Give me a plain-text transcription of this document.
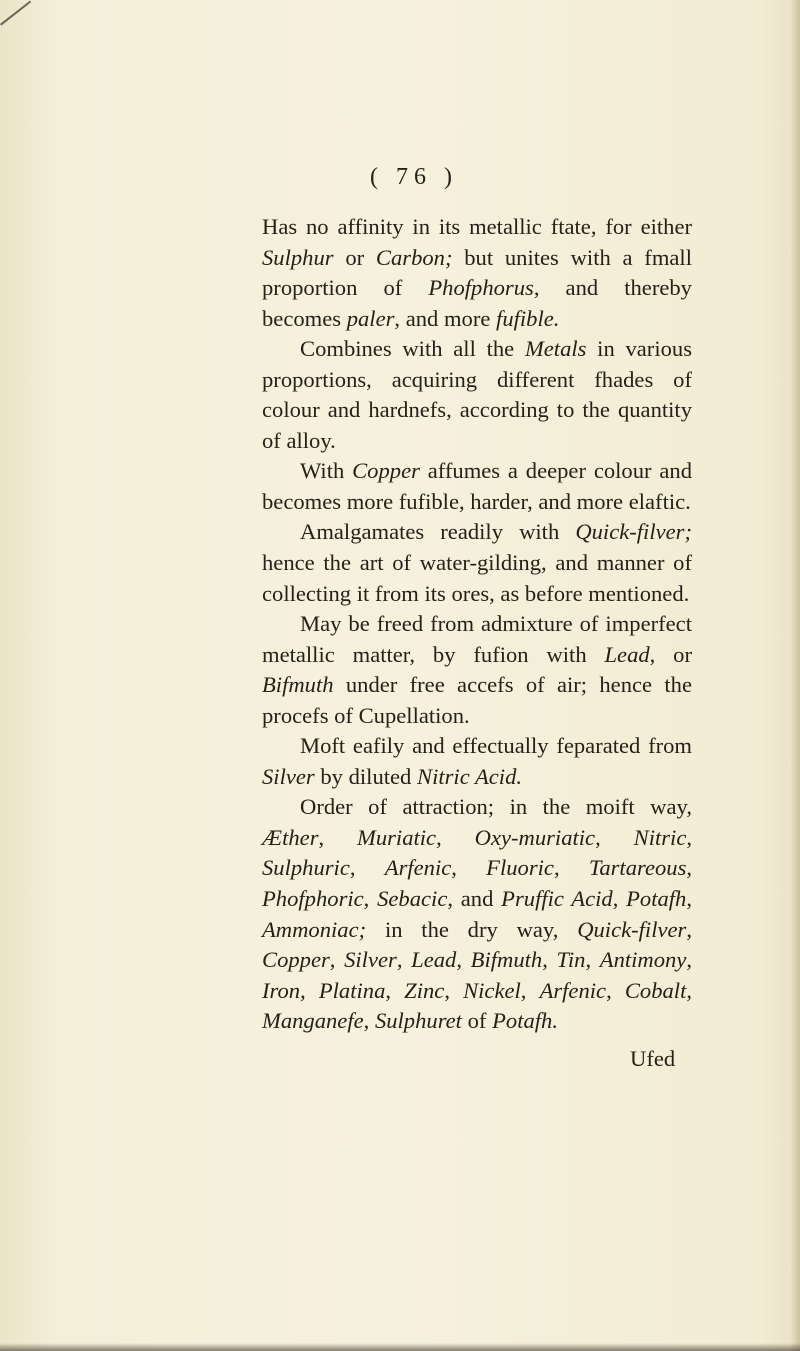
( 76 )

Has no affinity in its metallic ftate, for either Sulphur or Carbon; but unites with a fmall proportion of Phofphorus, and thereby becomes paler, and more fufible.

Combines with all the Metals in various proportions, acquiring different fhades of colour and hardnefs, according to the quantity of alloy.

With Copper affumes a deeper colour and becomes more fufible, harder, and more elaftic.

Amalgamates readily with Quick-filver; hence the art of water-gilding, and manner of collecting it from its ores, as before mentioned.

May be freed from admixture of imperfect metallic matter, by fufion with Lead, or Bifmuth under free accefs of air; hence the procefs of Cupellation.

Moft eafily and effectually feparated from Silver by diluted Nitric Acid.

Order of attraction; in the moift way, Æther, Muriatic, Oxy-muriatic, Nitric, Sulphuric, Arfenic, Fluoric, Tartareous, Phofphoric, Sebacic, and Pruffic Acid, Potafh, Ammoniac; in the dry way, Quick-filver, Copper, Silver, Lead, Bifmuth, Tin, Antimony, Iron, Platina, Zinc, Nickel, Arfenic, Cobalt, Manganefe, Sulphuret of Potafh.

Ufed
